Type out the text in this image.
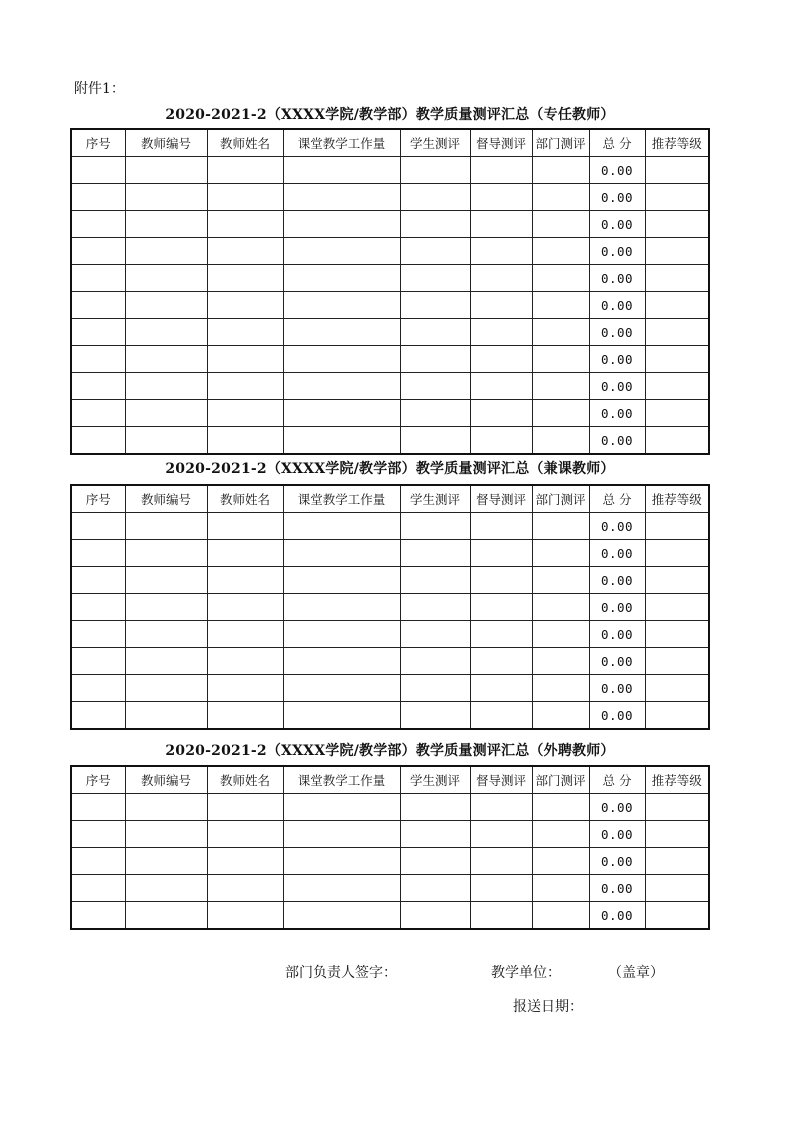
附件1：
2020-2021-2（XXXX学院/教学部）教学质量测评汇总（专任教师）
序号	教师编号	教师姓名	课堂教学工作量	学生测评	督导测评	部门测评	总 分	推荐等级
							0.00	
							0.00	
							0.00	
							0.00	
							0.00	
							0.00	
							0.00	
							0.00	
							0.00	
							0.00	
							0.00	
2020-2021-2（XXXX学院/教学部）教学质量测评汇总（兼课教师）
序号	教师编号	教师姓名	课堂教学工作量	学生测评	督导测评	部门测评	总 分	推荐等级
							0.00	
							0.00	
							0.00	
							0.00	
							0.00	
							0.00	
							0.00	
							0.00	
2020-2021-2（XXXX学院/教学部）教学质量测评汇总（外聘教师）
序号	教师编号	教师姓名	课堂教学工作量	学生测评	督导测评	部门测评	总 分	推荐等级
							0.00	
							0.00	
							0.00	
							0.00	
							0.00	
部门负责人签字：	教学单位：	（盖章）
报送日期：
